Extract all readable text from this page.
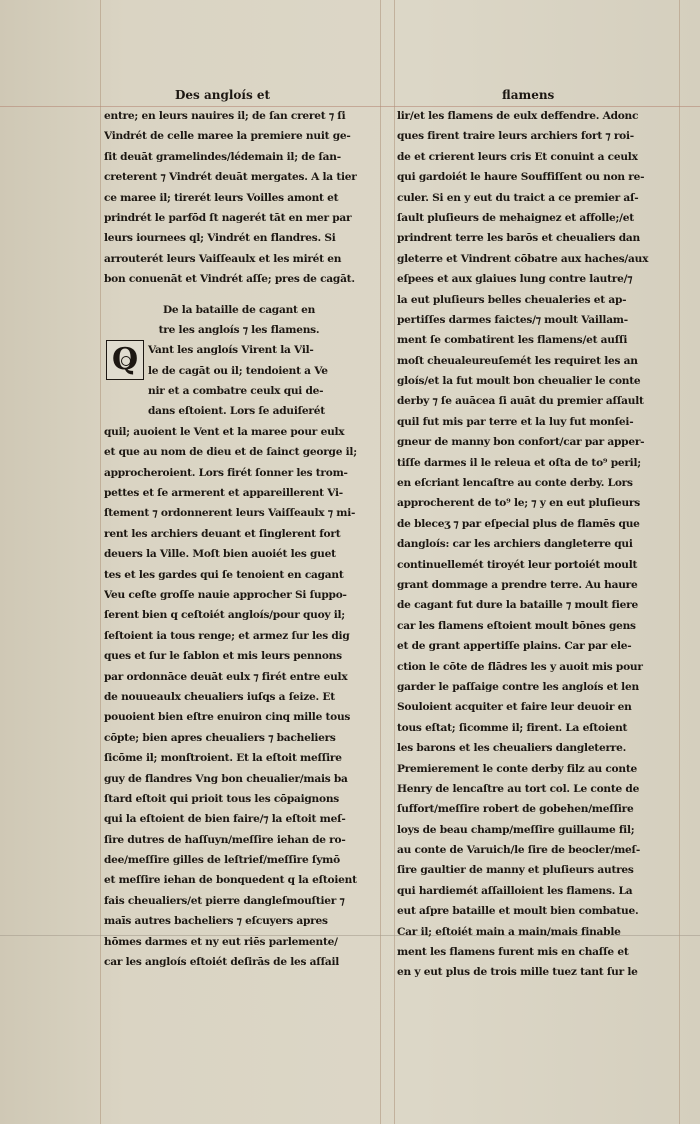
Des angloís et	flamens
entre; en leurs nauires il; de ſan creret ⁊ ſi
Vindrét de celle maree la premiere nuit ge-
ſit deuāt gramelindes/lédemain il; de ſan-
creterent ⁊ Vindrét deuāt mergates. A la tier
ce maree il; tirerét leurs Voilles amont et
prindrét le parfōd ſt nagerét tāt en mer par
leurs iournees ql; Vindrét en flandres. Si
arrouterét leurs Vaiſſeaulx et les mirét en
bon conuenāt et Vindrét aſſe; pres de cagāt.
De la bataille de cagant en
tre les angloís ⁊ les flamens.
Q Vant les angloís Virent la Vil-
le de cagāt ou il; tendoient a Ve
nir et a combatre ceulx qui de-
dans eſtoient. Lors ſe aduiſerét
quil; auoient le Vent et la maree pour eulx
et que au nom de dieu et de ſainct george il;
approcheroient. Lors firét ſonner les trom-
pettes et ſe armerent et appareillerent Vi-
ſtement ⁊ ordonnerent leurs Vaiſſeaulx ⁊ mi-
rent les archiers deuant et ſinglerent fort
deuers la Ville. Moſt bien auoiét les guet
tes et les gardes qui ſe tenoient en cagant
Veu ceſte groſſe nauie approcher Si ſuppo-
ſerent bien q ceſtoiét angloís/pour quoy il;
ſeſtoient ia tous renge; et armez ſur les dig
ques et ſur le ſablon et mis leurs pennons
par ordonnāce deuāt eulx ⁊ firét entre eulx
de nouueaulx cheualiers iuſqs a ſeize. Et
pouoient bien eſtre enuiron cinq mille tous
cōpte; bien apres cheualiers ⁊ bacheliers
ſicōme il; monſtroient. Et la eſtoit meſſire
guy de flandres Vng bon cheualier/mais ba
ſtard eſtoit qui prioit tous les cōpaignons
qui la eſtoient de bien faire/⁊ la eſtoit meſ-
ſire dutres de haſſuyn/meſſire iehan de ro-
dee/meſſire gilles de leſtrief/meſſire ſymō
et meſſire iehan de bonquedent q la eſtoient
fais cheualiers/et pierre dangleſmouſtier ⁊
maīs autres bacheliers ⁊ eſcuyers apres
hōmes darmes et ny eut riēs parlemente/
car les angloís eſtoiét deſirās de les aſſail
lir/et les flamens de eulx deffendre. Adonc
ques firent traire leurs archiers fort ⁊ roi-
de et crierent leurs cris Et conuint a ceulx
qui gardoiét le haure Souffiſſent ou non re-
culer. Si en y eut du traict a ce premier aſ-
ſault pluſieurs de mehaignez et affolle;/et
prindrent terre les barōs et cheualiers dan
gleterre et Vindrent cōbatre aux haches/aux
eſpees et aux glaiues lung contre lautre/⁊
la eut pluſieurs belles cheualeries et ap-
pertiſſes darmes faictes/⁊ moult Vaillam-
ment ſe combatirent les flamens/et auſſi
moſt cheualeureuſemét les requiret les an
gloís/et la fut moult bon cheualier le conte
derby ⁊ ſe auācea ſi auāt du premier aſſault
quil fut mis par terre et la luy fut monſei-
gneur de manny bon confort/car par apper-
tiſſe darmes il le releua et oſta de to⁹ peril;
en eſcriant lencaſtre au conte derby. Lors
approcherent de to⁹ le; ⁊ y en eut pluſieurs
de bleceʒ ⁊ par eſpecial plus de flamēs que
dangloís: car les archiers dangleterre qui
continuellemét tiroyét leur portoiét moult
grant dommage a prendre terre. Au haure
de cagant fut dure la bataille ⁊ moult fiere
car les flamens eſtoient moult bōnes gens
et de grant appertiſſe plains. Car par ele-
ction le cōte de flādres les y auoit mis pour
garder le paſſaige contre les angloís et len
Souloient acquiter et faire leur deuoir en
tous eſtat; ſicomme il; firent. La eſtoient
les barons et les cheualiers dangleterre.
Premierement le conte derby filz au conte
Henry de lencaſtre au tort col. Le conte de
ſuffort/meſſire robert de gobehen/meſſire
loys de beau champ/meſſire guillaume fil;
au conte de Varuich/le ſire de beocler/meſ-
ſire gaultier de manny et pluſieurs autres
qui hardiemét aſſailloient les flamens. La
eut aſpre bataille et moult bien combatue.
Car il; eſtoiét main a main/mais finable
ment les flamens furent mis en chaſſe et
en y eut plus de trois mille tuez tant ſur le
